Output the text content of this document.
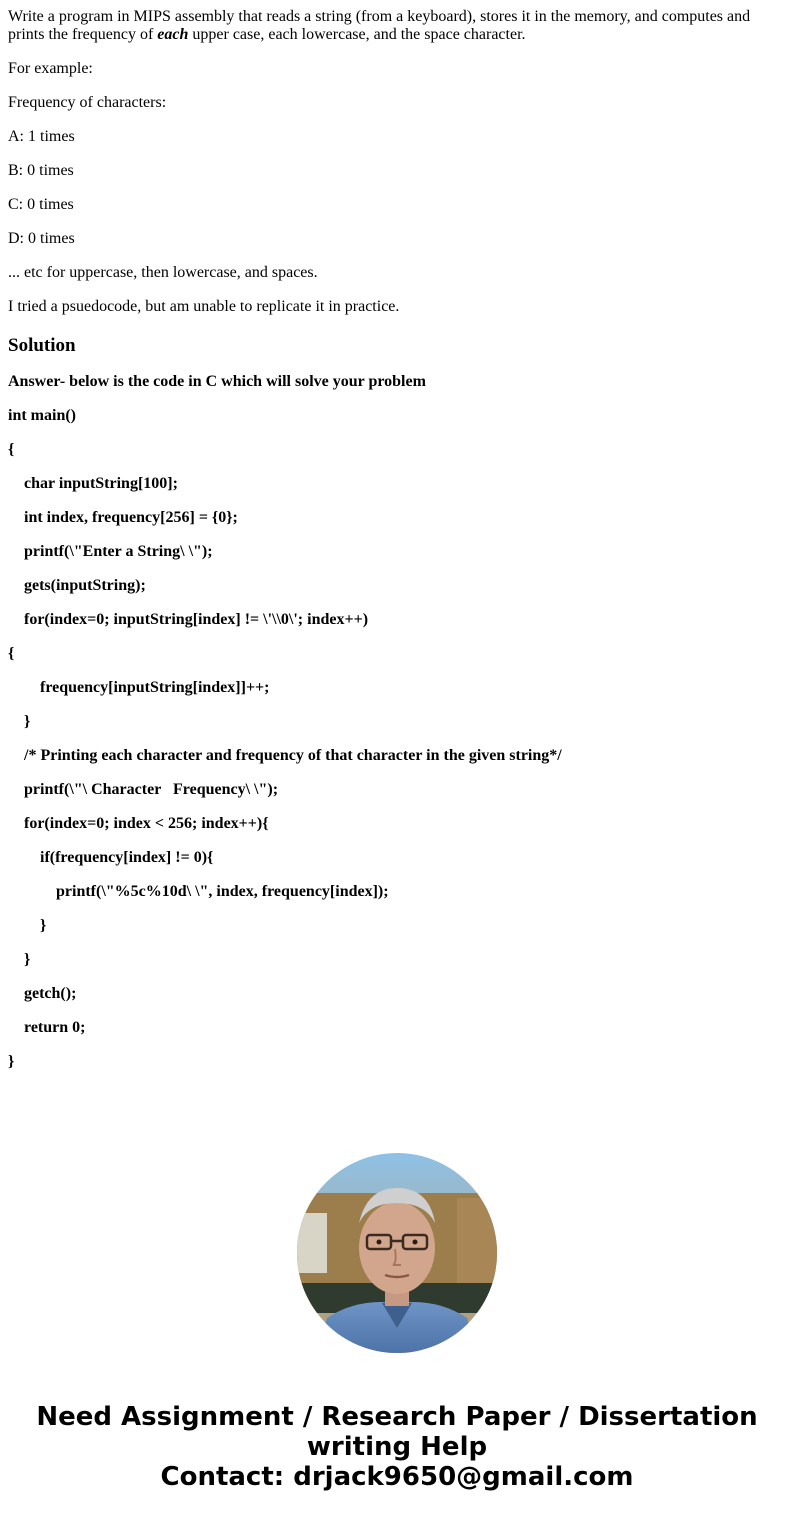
Write a program in MIPS assembly that reads a string (from a keyboard), stores it in the memory, and computes and prints the frequency of each upper case, each lowercase, and the space character.

For example:

Frequency of characters:

A: 1 times

B: 0 times

C: 0 times

D: 0 times

... etc for uppercase, then lowercase, and spaces.

I tried a psuedocode, but am unable to replicate it in practice.

Solution

Answer- below is the code in C which will solve your problem

int main()

{

char inputString[100];

int index, frequency[256] = {0};

printf(\"Enter a String\ \");

gets(inputString);

for(index=0; inputString[index] != \'\\0\'; index++)

{

frequency[inputString[index]]++;

}

/* Printing each character and frequency of that character in the given string*/

printf(\"\ Character   Frequency\ \");

for(index=0; index < 256; index++){

if(frequency[index] != 0){

printf(\"%5c%10d\ \", index, frequency[index]);

}

}

getch();

return 0;

}

Need Assignment / Research Paper / Dissertation
writing Help
Contact: drjack9650@gmail.com
